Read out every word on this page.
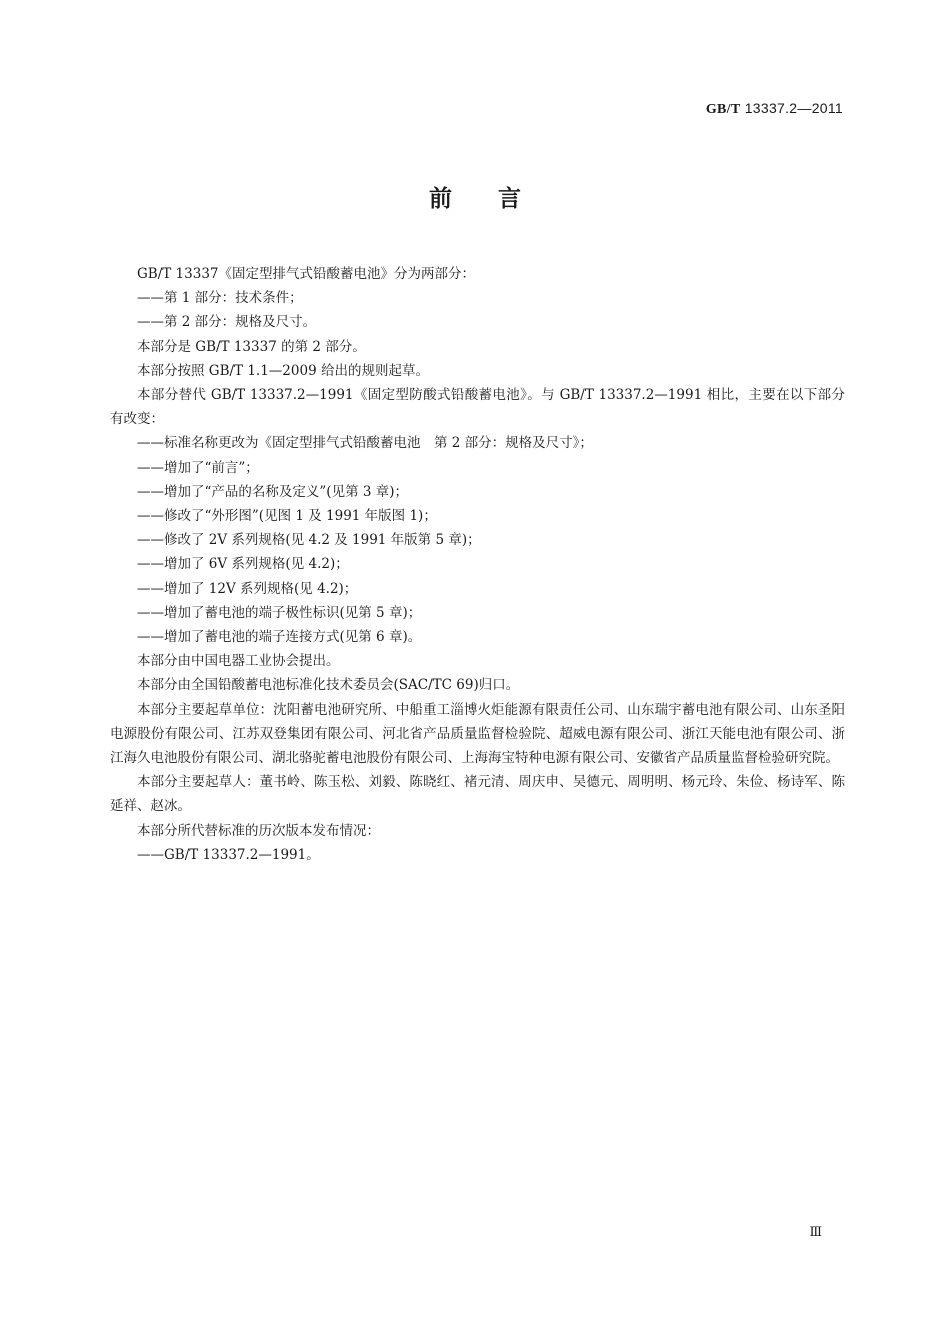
GB/T 13337.2—2011
前言

GB/T 13337《固定型排气式铅酸蓄电池》分为两部分：

——第 1 部分：技术条件；

——第 2 部分：规格及尺寸。

本部分是 GB/T 13337 的第 2 部分。

本部分按照 GB/T 1.1—2009 给出的规则起草。

本部分替代 GB/T 13337.2—1991《固定型防酸式铅酸蓄电池》。与 GB/T 13337.2—1991 相比，主要在以下部分有改变：

——标准名称更改为《固定型排气式铅酸蓄电池　第 2 部分：规格及尺寸》；

——增加了“前言”；

——增加了“产品的名称及定义”(见第 3 章)；

——修改了“外形图”(见图 1 及 1991 年版图 1)；

——修改了 2V 系列规格(见 4.2 及 1991 年版第 5 章)；

——增加了 6V 系列规格(见 4.2)；

——增加了 12V 系列规格(见 4.2)；

——增加了蓄电池的端子极性标识(见第 5 章)；

——增加了蓄电池的端子连接方式(见第 6 章)。

本部分由中国电器工业协会提出。

本部分由全国铅酸蓄电池标准化技术委员会(SAC/TC 69)归口。

本部分主要起草单位：沈阳蓄电池研究所、中船重工淄博火炬能源有限责任公司、山东瑞宇蓄电池有限公司、山东圣阳电源股份有限公司、江苏双登集团有限公司、河北省产品质量监督检验院、超威电源有限公司、浙江天能电池有限公司、浙江海久电池股份有限公司、湖北骆驼蓄电池股份有限公司、上海海宝特种电源有限公司、安徽省产品质量监督检验研究院。

本部分主要起草人：董书岭、陈玉松、刘毅、陈晓红、褚元清、周庆申、吴德元、周明明、杨元玲、朱俭、杨诗军、陈延祥、赵冰。

本部分所代替标准的历次版本发布情况：

——GB/T 13337.2—1991。

Ⅲ
